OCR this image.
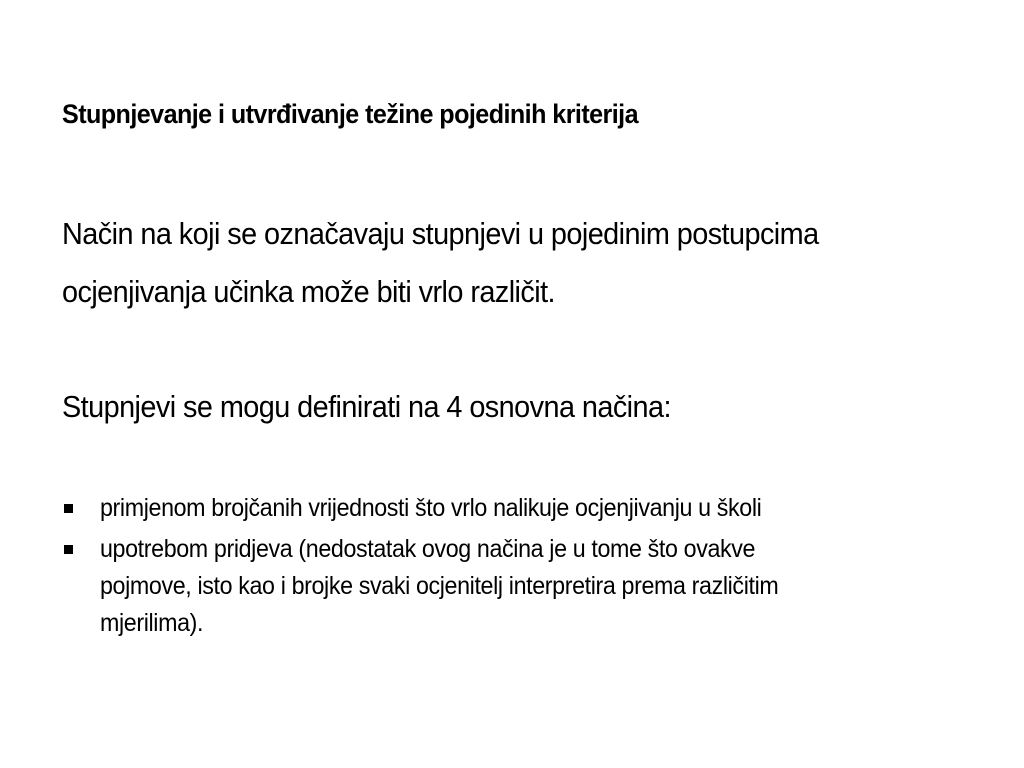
Stupnjevanje i utvrđivanje težine pojedinih kriterija
Način na koji se označavaju stupnjevi u pojedinim postupcima
ocjenjivanja učinka može biti vrlo različit.
Stupnjevi se mogu definirati na 4 osnovna načina:
primjenom brojčanih vrijednosti što vrlo nalikuje ocjenjivanju u školi
upotrebom pridjeva (nedostatak ovog načina je u tome što ovakve
pojmove, isto kao i brojke svaki ocjenitelj interpretira prema različitim
mjerilima).
